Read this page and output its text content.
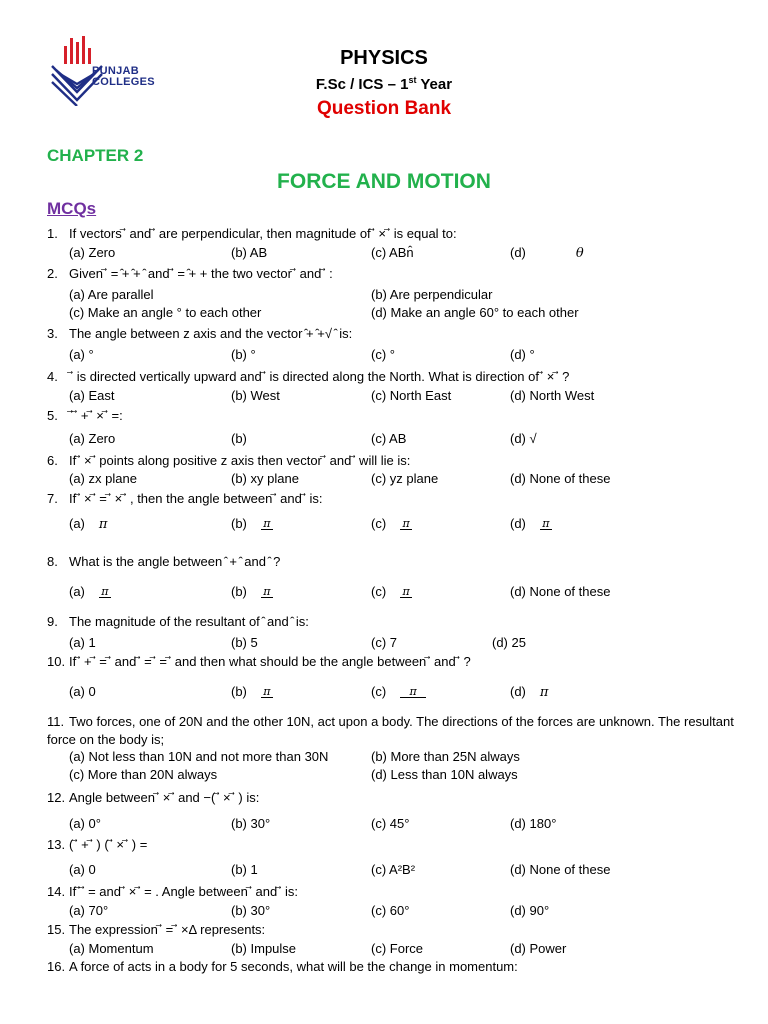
PUNJAB
COLLEGES
PHYSICS
F.Sc / ICS – 1st Year
Question Bank
CHAPTER 2
FORCE AND MOTION
MCQs
1. If vectors ⃗ and ⃗ are perpendicular, then magnitude of ⃗ × ⃗ is equal to:
(a) Zero	(b) AB	(c) ABn̂	(d)	θ
2. Given ⃗ = ̂+ ̂+ ̂ and ⃗ = ̂+ + the two vector ⃗ and ⃗ :
(a) Are parallel	(b) Are perpendicular
(c) Make an angle ° to each other	(d) Make an angle 60° to each other
3. The angle between z axis and the vector ̂+ ̂+√ ̂ is:
(a) °	(b) °	(c) °	(d) °
4. ⃗ is directed vertically upward and ⃗ is directed along the North. What is direction of ⃗ × ⃗ ?
(a) East	(b) West	(c) North East	(d) North West
5. ⃗ ⃗ + ⃗ × ⃗ =:
(a) Zero	(b)	(c) AB	(d) √
6. If ⃗ × ⃗ points along positive z axis then vector ⃗ and ⃗ will lie is:
(a) zx plane	(b) xy plane	(c) yz plane	(d) None of these
7. If ⃗ × ⃗ = ⃗ × ⃗ , then the angle between ⃗ and ⃗ is:
(a) π	(b) π	(c) π	(d) π
8. What is the angle between ̂ + ̂ and ̂ ?
(a) π	(b) π	(c) π	(d) None of these
9. The magnitude of the resultant of ̂ and ̂ is:
(a) 1	(b) 5	(c) 7	(d) 25
10. If ⃗ + ⃗ = ⃗ and ⃗ = ⃗ = ⃗ and then what should be the angle between ⃗ and ⃗ ?
(a) 0	(b) π	(c)	π	(d) π
11. Two forces, one of 20N and the other 10N, act upon a body. The directions of the forces are unknown. The resultant force on the body is;
(a) Not less than 10N and not more than 30N	(b) More than 25N always
(c) More than 20N always	(d) Less than 10N always
12. Angle between ⃗ × ⃗ and −( ⃗ × ⃗ ) is:
(a) 0°	(b) 30°	(c) 45°	(d) 180°
13. ( ⃗ + ⃗ ) ( ⃗ × ⃗ ) =
(a) 0	(b) 1	(c) A²B²	(d) None of these
14. If ⃗ ⃗ = and ⃗ × ⃗ = . Angle between ⃗ and ⃗ is:
(a) 70°	(b) 30°	(c) 60°	(d) 90°
15. The expression ⃗ = ⃗ ×Δ represents:
(a) Momentum	(b) Impulse	(c) Force	(d) Power
16. A force of acts in a body for 5 seconds, what will be the change in momentum:
